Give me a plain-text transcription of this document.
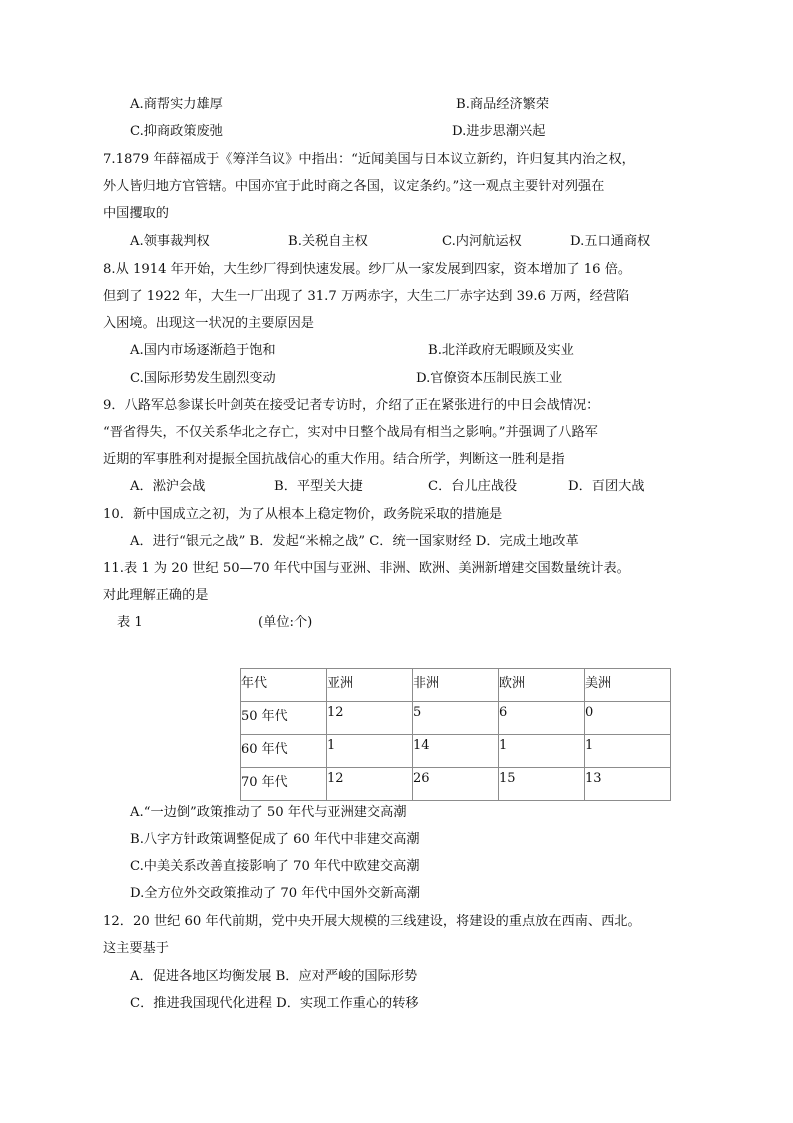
A.商帮实力雄厚	B.商品经济繁荣
C.抑商政策废弛	D.进步思潮兴起
7.1879 年薛福成于《筹洋刍议》中指出：“近闻美国与日本议立新约，许归复其内治之权，
外人皆归地方官管辖。中国亦宜于此时商之各国，议定条约。”这一观点主要针对列强在
中国攫取的
A.领事裁判权	B.关税自主权	C.内河航运权	D.五口通商权
8.从 1914 年开始，大生纱厂得到快速发展。纱厂从一家发展到四家，资本增加了 16 倍。
但到了 1922 年，大生一厂出现了 31.7 万两赤字，大生二厂赤字达到 39.6 万两，经营陷
入困境。出现这一状况的主要原因是
A.国内市场逐渐趋于饱和	B.北洋政府无暇顾及实业
C.国际形势发生剧烈变动	D.官僚资本压制民族工业
9．八路军总参谋长叶剑英在接受记者专访时，介绍了正在紧张进行的中日会战情况：
“晋省得失，不仅关系华北之存亡，实对中日整个战局有相当之影响。”并强调了八路军
近期的军事胜利对提振全国抗战信心的重大作用。结合所学，判断这一胜利是指
A．淞沪会战	B．平型关大捷	C．台儿庄战役	D．百团大战
10．新中国成立之初，为了从根本上稳定物价，政务院采取的措施是
A．进行“银元之战” B．发起“米棉之战” C．统一国家财经 D．完成土地改革
11.表 1 为 20 世纪 50—70 年代中国与亚洲、非洲、欧洲、美洲新增建交国数量统计表。
对此理解正确的是
表 1	(单位:个)
年代	亚洲	非洲	欧洲	美洲

50 年代	12	5	6	0

60 年代	1	14	1	1

70 年代	12	26	15	13
A.“一边倒”政策推动了 50 年代与亚洲建交高潮
B.八字方针政策调整促成了 60 年代中非建交高潮
C.中美关系改善直接影响了 70 年代中欧建交高潮
D.全方位外交政策推动了 70 年代中国外交新高潮
12．20 世纪 60 年代前期，党中央开展大规模的三线建设，将建设的重点放在西南、西北。
这主要基于
A．促进各地区均衡发展 B．应对严峻的国际形势
C．推进我国现代化进程 D．实现工作重心的转移
